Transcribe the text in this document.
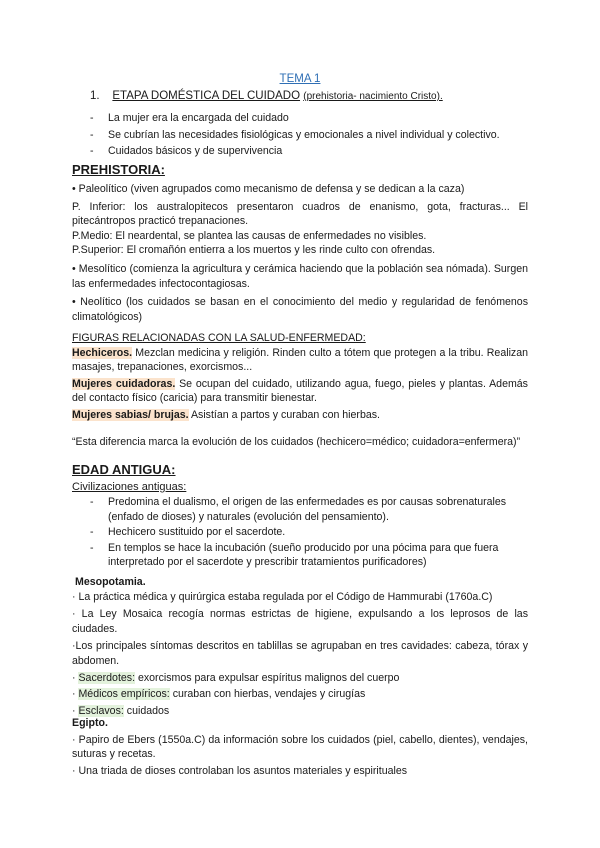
TEMA 1
1. ETAPA DOMÉSTICA DEL CUIDADO (prehistoria- nacimiento Cristo).

- La mujer era la encargada del cuidado

- Se cubrían las necesidades fisiológicas y emocionales a nivel individual y colectivo.

- Cuidados básicos y de supervivencia

PREHISTORIA:

• Paleolítico (viven agrupados como mecanismo de defensa y se dedican a la caza)

P. Inferior: los australopitecos presentaron cuadros de enanismo, gota, fracturas... El pitecántropos practicó trepanaciones.

P.Medio: El neardental, se plantea las causas de enfermedades no visibles.

P.Superior: El cromañón entierra a los muertos y les rinde culto con ofrendas.

• Mesolítico (comienza la agricultura y cerámica haciendo que la población sea nómada). Surgen las enfermedades infectocontagiosas.

• Neolítico (los cuidados se basan en el conocimiento del medio y regularidad de fenómenos climatológicos)

FIGURAS RELACIONADAS CON LA SALUD-ENFERMEDAD:

Hechiceros. Mezclan medicina y religión. Rinden culto a tótem que protegen a la tribu. Realizan masajes, trepanaciones, exorcismos...

Mujeres cuidadoras. Se ocupan del cuidado, utilizando agua, fuego, pieles y plantas. Además del contacto físico (caricia) para transmitir bienestar.

Mujeres sabias/ brujas. Asistían a partos y curaban con hierbas.

“Esta diferencia marca la evolución de los cuidados (hechicero=médico; cuidadora=enfermera)”

EDAD ANTIGUA:
Civilizaciones antiguas:

- Predomina el dualismo, el origen de las enfermedades es por causas sobrenaturales (enfado de dioses) y naturales (evolución del pensamiento).

- Hechicero sustituido por el sacerdote.

- En templos se hace la incubación (sueño producido por una pócima para que fuera interpretado por el sacerdote y prescribir tratamientos purificadores)

Mesopotamia.

· La práctica médica y quirúrgica estaba regulada por el Código de Hammurabi (1760a.C)

· La Ley Mosaica recogía normas estrictas de higiene, expulsando a los leprosos de las ciudades.

·Los principales síntomas descritos en tablillas se agrupaban en tres cavidades: cabeza, tórax y abdomen.

· Sacerdotes: exorcismos para expulsar espíritus malignos del cuerpo

· Médicos empíricos: curaban con hierbas, vendajes y cirugías

· Esclavos: cuidados

Egipto.

· Papiro de Ebers (1550a.C) da información sobre los cuidados (piel, cabello, dientes), vendajes, suturas y recetas.

· Una triada de dioses controlaban los asuntos materiales y espirituales
